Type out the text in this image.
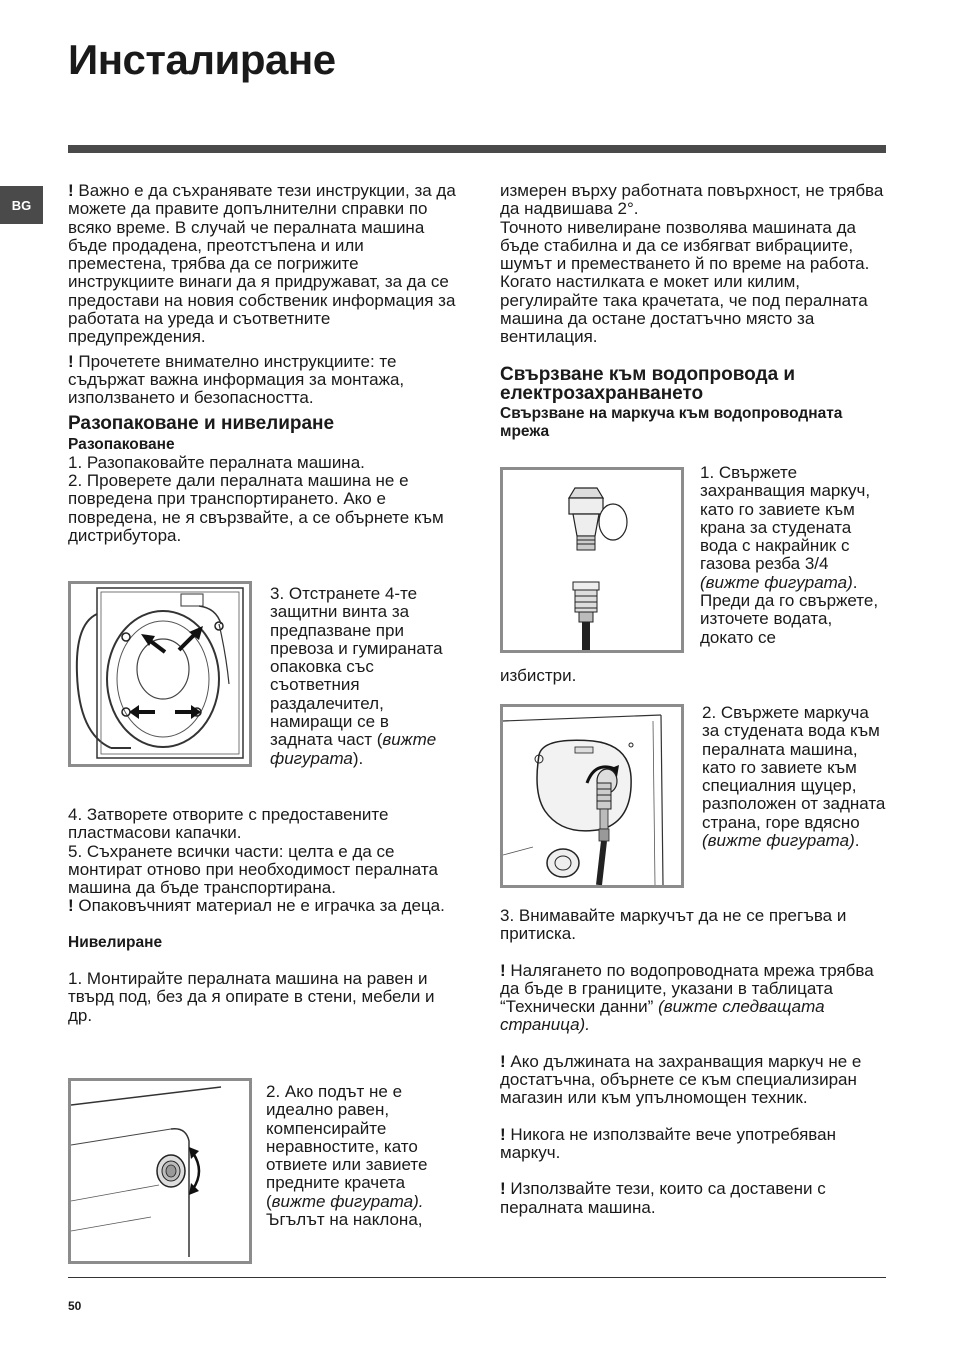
Инсталиране
BG

! Важно е да съхранявате тези инструкции, за да можете да правите допълнителни справки по всяко време. В случай че пералната машина бъде продадена, преотстъпена и или преместена, трябва да се погрижите инструкциите винаги да я придружават, за да се предостави на новия собственик информация за работата на уреда и съответните предупреждения.

! Прочетете внимателно инструкциите: те съдържат важна информация за монтажа, използването и безопасността.

Разопаковане и нивелиране

Разопаковане

1. Разопаковайте пералната машина.

2. Проверете дали пералната машина не е повредена при транспортирането. Ако е повредена, не я свързвайте, а се обърнете към дистрибутора.

3. Отстранете 4-те защитни винта за предпазване при превоза и гумираната опаковка със съответния раздалечител, намиращи се в задната част (вижте фигурата).

4. Затворете отворите с предоставените пластмасови капачки.

5. Съхранете всички части: целта е да се монтират отново при необходимост пералната машина да бъде транспортирана.

! Опаковъчният материал не е играчка за деца.

Нивелиране

1. Монтирайте пералната машина на равен и твърд под, без да я опирате в стени, мебели и др.

2. Ако подът не е идеално равен, компенсирайте неравностите, като отвиете или завиете предните крачета (вижте фигурата). Ъгълът на наклона,

измерен върху работната повърхност, не трябва да надвишава 2°.

Точното нивелиране позволява машината да бъде стабилна и да се избягват вибрациите, шумът и преместването й по време на работа. Когато настилката е мокет или килим, регулирайте така крачетата, че под пералната машина да остане достатъчно място за вентилация.

Свързване към водопровода и електрозахранването

Свързване на маркуча към водопроводната мрежа

1. Свържете захранващия маркуч, като го завиете към крана за студената вода с накрайник с газова резба 3/4 (вижте фигурата). Преди да го свържете, източете водата, докато се

избистри.

2. Свържете маркуча за студената вода към пералната машина, като го завиете към специалния щуцер, разположен от задната страна, горе вдясно (вижте фигурата).

3. Внимавайте маркучът да не се прегъва и притиска.

! Налягането по водопроводната мрежа трябва да бъде в границите, указани в таблицата “Технически данни” (вижте следващата страница).

! Ако дължината на захранващия маркуч не е достатъчна, обърнете се към специализиран магазин или към упълномощен техник.

! Никога не използвайте вече употребяван маркуч.

! Използвайте тези, които са доставени с пералната машина.

50
